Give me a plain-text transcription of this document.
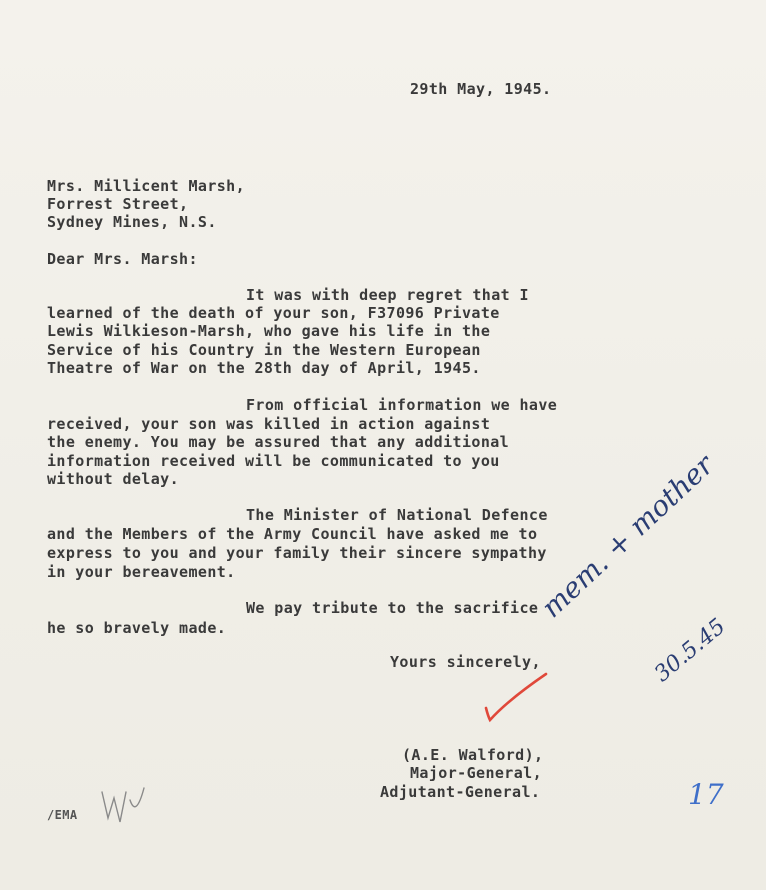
29th May, 1945.
Mrs. Millicent Marsh,
Forrest Street,
Sydney Mines, N.S.
Dear Mrs. Marsh:
It was with deep regret that I
learned of the death of your son, F37096 Private
Lewis Wilkieson-Marsh, who gave his life in the
Service of his Country in the Western European
Theatre of War on the 28th day of April, 1945.
From official information we have
received, your son was killed in action against
the enemy. You may be assured that any additional
information received will be communicated to you
without delay.
The Minister of National Defence
and the Members of the Army Council have asked me to
express to you and your family their sincere sympathy
in your bereavement.
We pay tribute to the sacrifice
he so bravely made.
Yours sincerely,
(A.E. Walford),
Major-General,
Adjutant-General.
/EMA
mem. + mother
30.5.45
17
